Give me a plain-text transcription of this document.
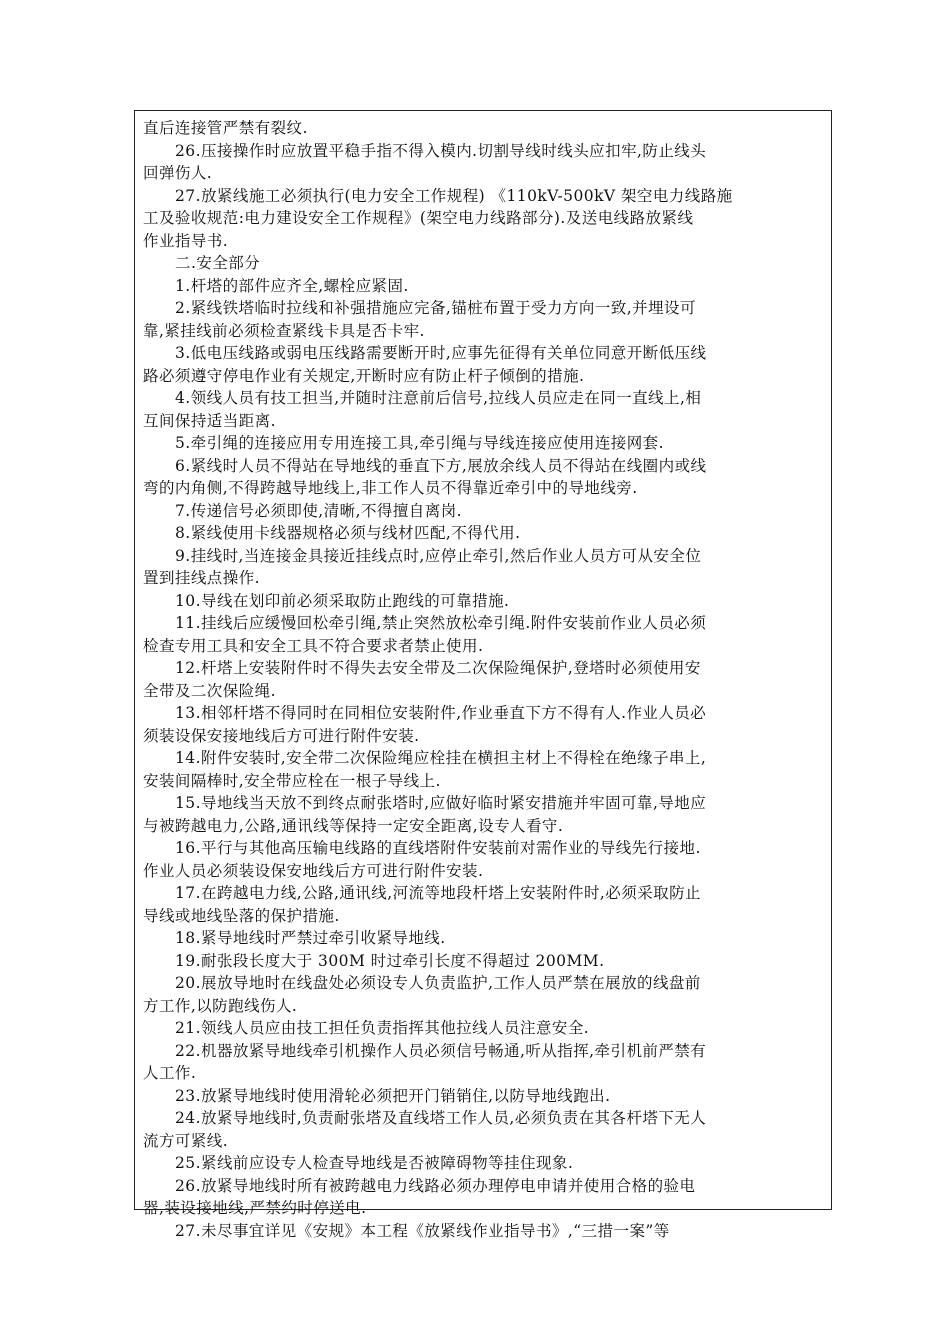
直后连接管严禁有裂纹.

26.压接操作时应放置平稳手指不得入模内.切割导线时线头应扣牢,防止线头

回弹伤人.

27.放紧线施工必须执行(电力安全工作规程) 《110kV-500kV 架空电力线路施

工及验收规范:电力建设安全工作规程》(架空电力线路部分).及送电线路放紧线

作业指导书.

二.安全部分

1.杆塔的部件应齐全,螺栓应紧固.

2.紧线铁塔临时拉线和补强措施应完备,锚桩布置于受力方向一致,并埋设可

靠,紧挂线前必须检查紧线卡具是否卡牢.

3.低电压线路或弱电压线路需要断开时,应事先征得有关单位同意开断低压线

路必须遵守停电作业有关规定,开断时应有防止杆子倾倒的措施.

4.领线人员有技工担当,并随时注意前后信号,拉线人员应走在同一直线上,相

互间保持适当距离.

5.牵引绳的连接应用专用连接工具,牵引绳与导线连接应使用连接网套.

6.紧线时人员不得站在导地线的垂直下方,展放余线人员不得站在线圈内或线

弯的内角侧,不得跨越导地线上,非工作人员不得靠近牵引中的导地线旁.

7.传递信号必须即使,清晰,不得擅自离岗.

8.紧线使用卡线器规格必须与线材匹配,不得代用.

9.挂线时,当连接金具接近挂线点时,应停止牵引,然后作业人员方可从安全位

置到挂线点操作.

10.导线在划印前必须采取防止跑线的可靠措施.

11.挂线后应缓慢回松牵引绳,禁止突然放松牵引绳.附件安装前作业人员必须

检查专用工具和安全工具不符合要求者禁止使用.

12.杆塔上安装附件时不得失去安全带及二次保险绳保护,登塔时必须使用安

全带及二次保险绳.

13.相邻杆塔不得同时在同相位安装附件,作业垂直下方不得有人.作业人员必

须装设保安接地线后方可进行附件安装.

14.附件安装时,安全带二次保险绳应栓挂在横担主材上不得栓在绝缘子串上,

安装间隔棒时,安全带应栓在一根子导线上.

15.导地线当天放不到终点耐张塔时,应做好临时紧安措施并牢固可靠,导地应

与被跨越电力,公路,通讯线等保持一定安全距离,设专人看守.

16.平行与其他高压输电线路的直线塔附件安装前对需作业的导线先行接地.

作业人员必须装设保安地线后方可进行附件安装.

17.在跨越电力线,公路,通讯线,河流等地段杆塔上安装附件时,必须采取防止

导线或地线坠落的保护措施.

18.紧导地线时严禁过牵引收紧导地线.

19.耐张段长度大于 300M 时过牵引长度不得超过 200MM.

20.展放导地时在线盘处必须设专人负责监护,工作人员严禁在展放的线盘前

方工作,以防跑线伤人.

21.领线人员应由技工担任负责指挥其他拉线人员注意安全.

22.机器放紧导地线牵引机操作人员必须信号畅通,听从指挥,牵引机前严禁有

人工作.

23.放紧导地线时使用滑轮必须把开门销销住,以防导地线跑出.

24.放紧导地线时,负责耐张塔及直线塔工作人员,必须负责在其各杆塔下无人

流方可紧线.

25.紧线前应设专人检查导地线是否被障碍物等挂住现象.

26.放紧导地线时所有被跨越电力线路必须办理停电申请并使用合格的验电

器,装设接地线,严禁约时停送电.

27.未尽事宜详见《安规》本工程《放紧线作业指导书》,“三措一案”等
